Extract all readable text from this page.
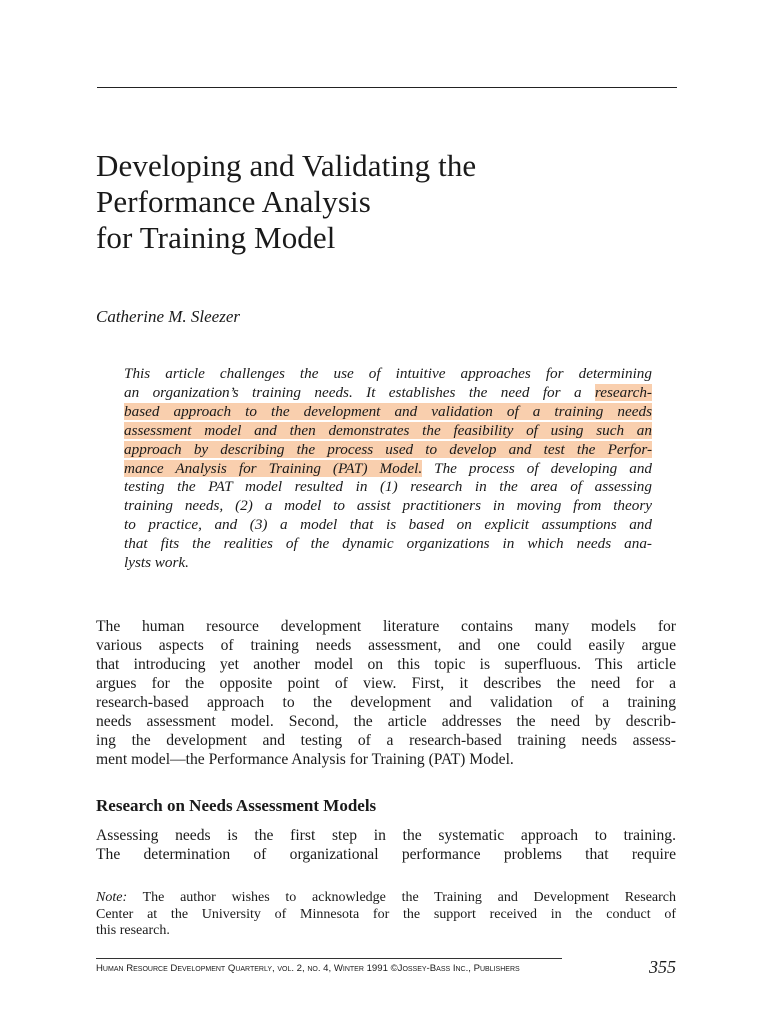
Developing and Validating the
Performance Analysis
for Training Model
Catherine M. Sleezer
This article challenges the use of intuitive approaches for determining
an organization’s training needs. It establishes the need for a research-
based approach to the development and validation of a training needs
assessment model and then demonstrates the feasibility of using such an
approach by describing the process used to develop and test the Perfor-
mance Analysis for Training (PAT) Model. The process of developing and
testing the PAT model resulted in (1) research in the area of assessing
training needs, (2) a model to assist practitioners in moving from theory
to practice, and (3) a model that is based on explicit assumptions and
that fits the realities of the dynamic organizations in which needs ana-
lysts work.
The human resource development literature contains many models for
various aspects of training needs assessment, and one could easily argue
that introducing yet another model on this topic is superfluous. This article
argues for the opposite point of view. First, it describes the need for a
research-based approach to the development and validation of a training
needs assessment model. Second, the article addresses the need by describ-
ing the development and testing of a research-based training needs assess-
ment model—the Performance Analysis for Training (PAT) Model.
Research on Needs Assessment Models
Assessing needs is the first step in the systematic approach to training.
The determination of organizational performance problems that require
Note: The author wishes to acknowledge the Training and Development Research
Center at the University of Minnesota for the support received in the conduct of
this research.
Human Resource Development Quarterly, vol. 2, no. 4, Winter 1991 ©Jossey-Bass Inc., Publishers	355
